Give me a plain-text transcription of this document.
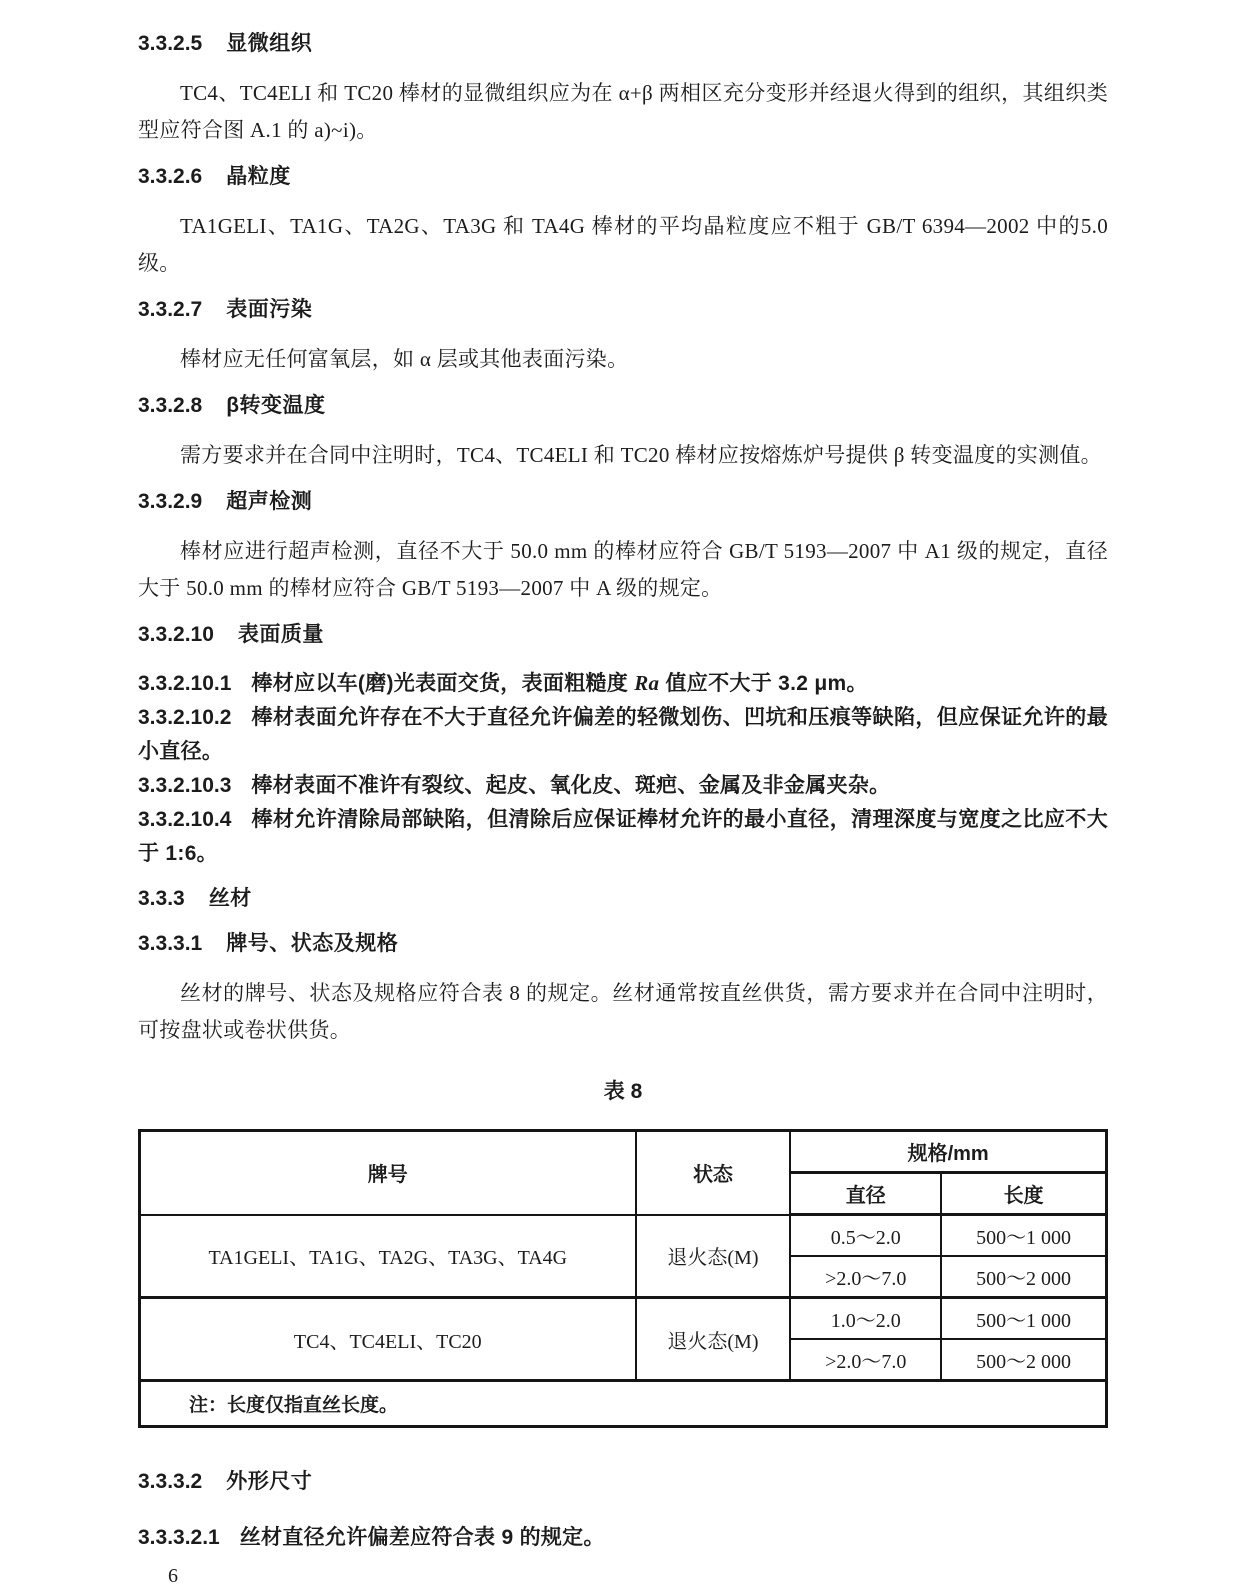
3.3.2.5 显微组织

TC4、TC4ELI 和 TC20 棒材的显微组织应为在 α+β 两相区充分变形并经退火得到的组织，其组织类型应符合图 A.1 的 a)~i)。

3.3.2.6 晶粒度

TA1GELI、TA1G、TA2G、TA3G 和 TA4G 棒材的平均晶粒度应不粗于 GB/T 6394—2002 中的5.0级。

3.3.2.7 表面污染

棒材应无任何富氧层，如 α 层或其他表面污染。

3.3.2.8 β转变温度

需方要求并在合同中注明时，TC4、TC4ELI 和 TC20 棒材应按熔炼炉号提供 β 转变温度的实测值。

3.3.2.9 超声检测

棒材应进行超声检测，直径不大于 50.0 mm 的棒材应符合 GB/T 5193—2007 中 A1 级的规定，直径大于 50.0 mm 的棒材应符合 GB/T 5193—2007 中 A 级的规定。

3.3.2.10 表面质量

3.3.2.10.1 棒材应以车(磨)光表面交货，表面粗糙度 Ra 值应不大于 3.2 μm。

3.3.2.10.2 棒材表面允许存在不大于直径允许偏差的轻微划伤、凹坑和压痕等缺陷，但应保证允许的最小直径。

3.3.2.10.3 棒材表面不准许有裂纹、起皮、氧化皮、斑疤、金属及非金属夹杂。

3.3.2.10.4 棒材允许清除局部缺陷，但清除后应保证棒材允许的最小直径，清理深度与宽度之比应不大于 1:6。

3.3.3 丝材

3.3.3.1 牌号、状态及规格

丝材的牌号、状态及规格应符合表 8 的规定。丝材通常按直丝供货，需方要求并在合同中注明时，可按盘状或卷状供货。

表 8

牌号	状态	规格/mm	
		直径	长度
TA1GELI、TA1G、TA2G、TA3G、TA4G	退火态(M)	0.5～2.0	500～1 000
		>2.0～7.0	500～2 000
TC4、TC4ELI、TC20	退火态(M)	1.0～2.0	500～1 000
		>2.0～7.0	500～2 000
注：长度仅指直丝长度。			

3.3.3.2 外形尺寸

3.3.3.2.1 丝材直径允许偏差应符合表 9 的规定。

6
